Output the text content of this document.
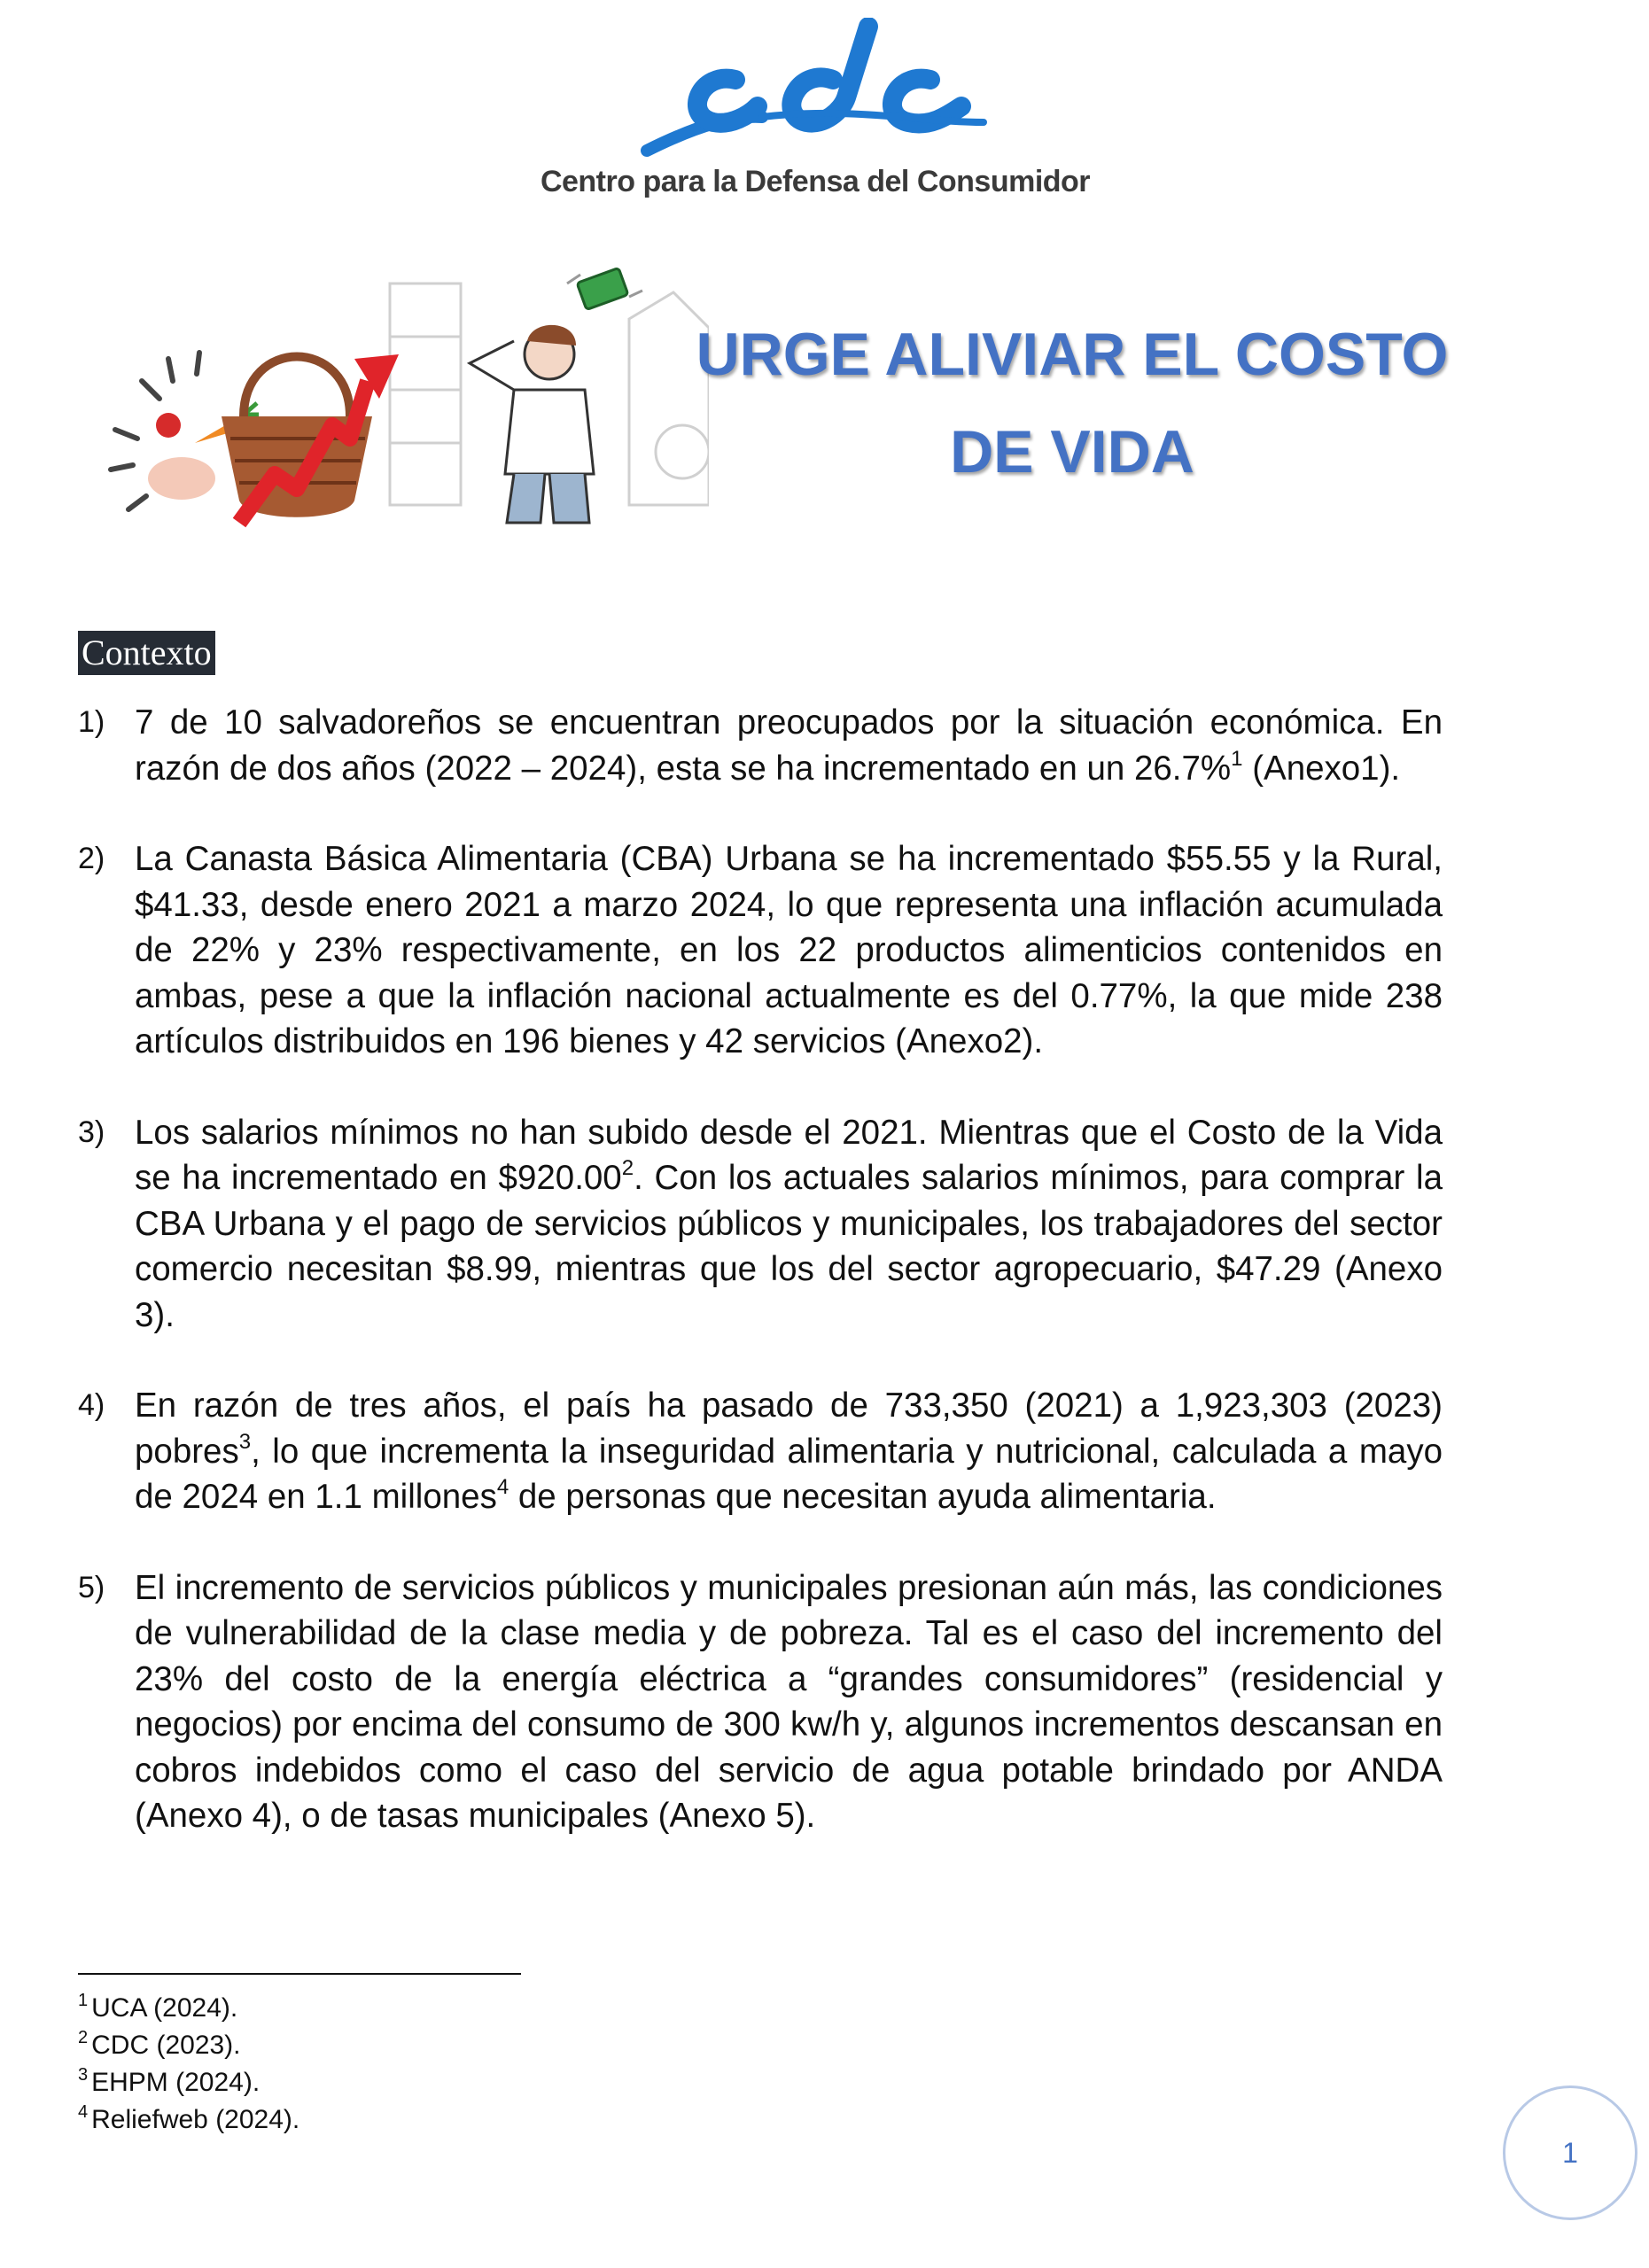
Centro para la Defensa del Consumidor
URGE ALIVIAR EL COSTO
DE VIDA
Contexto
1) 7 de 10 salvadoreños se encuentran preocupados por la situación económica. En razón de dos años (2022 – 2024), esta se ha incrementado en un 26.7%$^1$ (Anexo1).
2) La Canasta Básica Alimentaria (CBA) Urbana se ha incrementado $55.55 y la Rural, $41.33, desde enero 2021 a marzo 2024, lo que representa una inflación acumulada de 22% y 23% respectivamente, en los 22 productos alimenticios contenidos en ambas, pese a que la inflación nacional actualmente es del 0.77%, la que mide 238 artículos distribuidos en 196 bienes y 42 servicios (Anexo2).
3) Los salarios mínimos no han subido desde el 2021. Mientras que el Costo de la Vida se ha incrementado en $920.00$^2$. Con los actuales salarios mínimos, para comprar la CBA Urbana y el pago de servicios públicos y municipales, los trabajadores del sector comercio necesitan $8.99, mientras que los del sector agropecuario, $47.29 (Anexo 3).
4) En razón de tres años, el país ha pasado de 733,350 (2021) a 1,923,303 (2023) pobres$^3$, lo que incrementa la inseguridad alimentaria y nutricional, calculada a mayo de 2024 en 1.1 millones$^4$ de personas que necesitan ayuda alimentaria.
5) El incremento de servicios públicos y municipales presionan aún más, las condiciones de vulnerabilidad de la clase media y de pobreza. Tal es el caso del incremento del 23% del costo de la energía eléctrica a “grandes consumidores” (residencial y negocios) por encima del consumo de 300 kw/h y, algunos incrementos descansan en cobros indebidos como el caso del servicio de agua potable brindado por ANDA (Anexo 4), o de tasas municipales (Anexo 5).
$^1$ UCA (2024).
$^2$ CDC (2023).
$^3$ EHPM (2024).
$^4$ Reliefweb (2024).
1
